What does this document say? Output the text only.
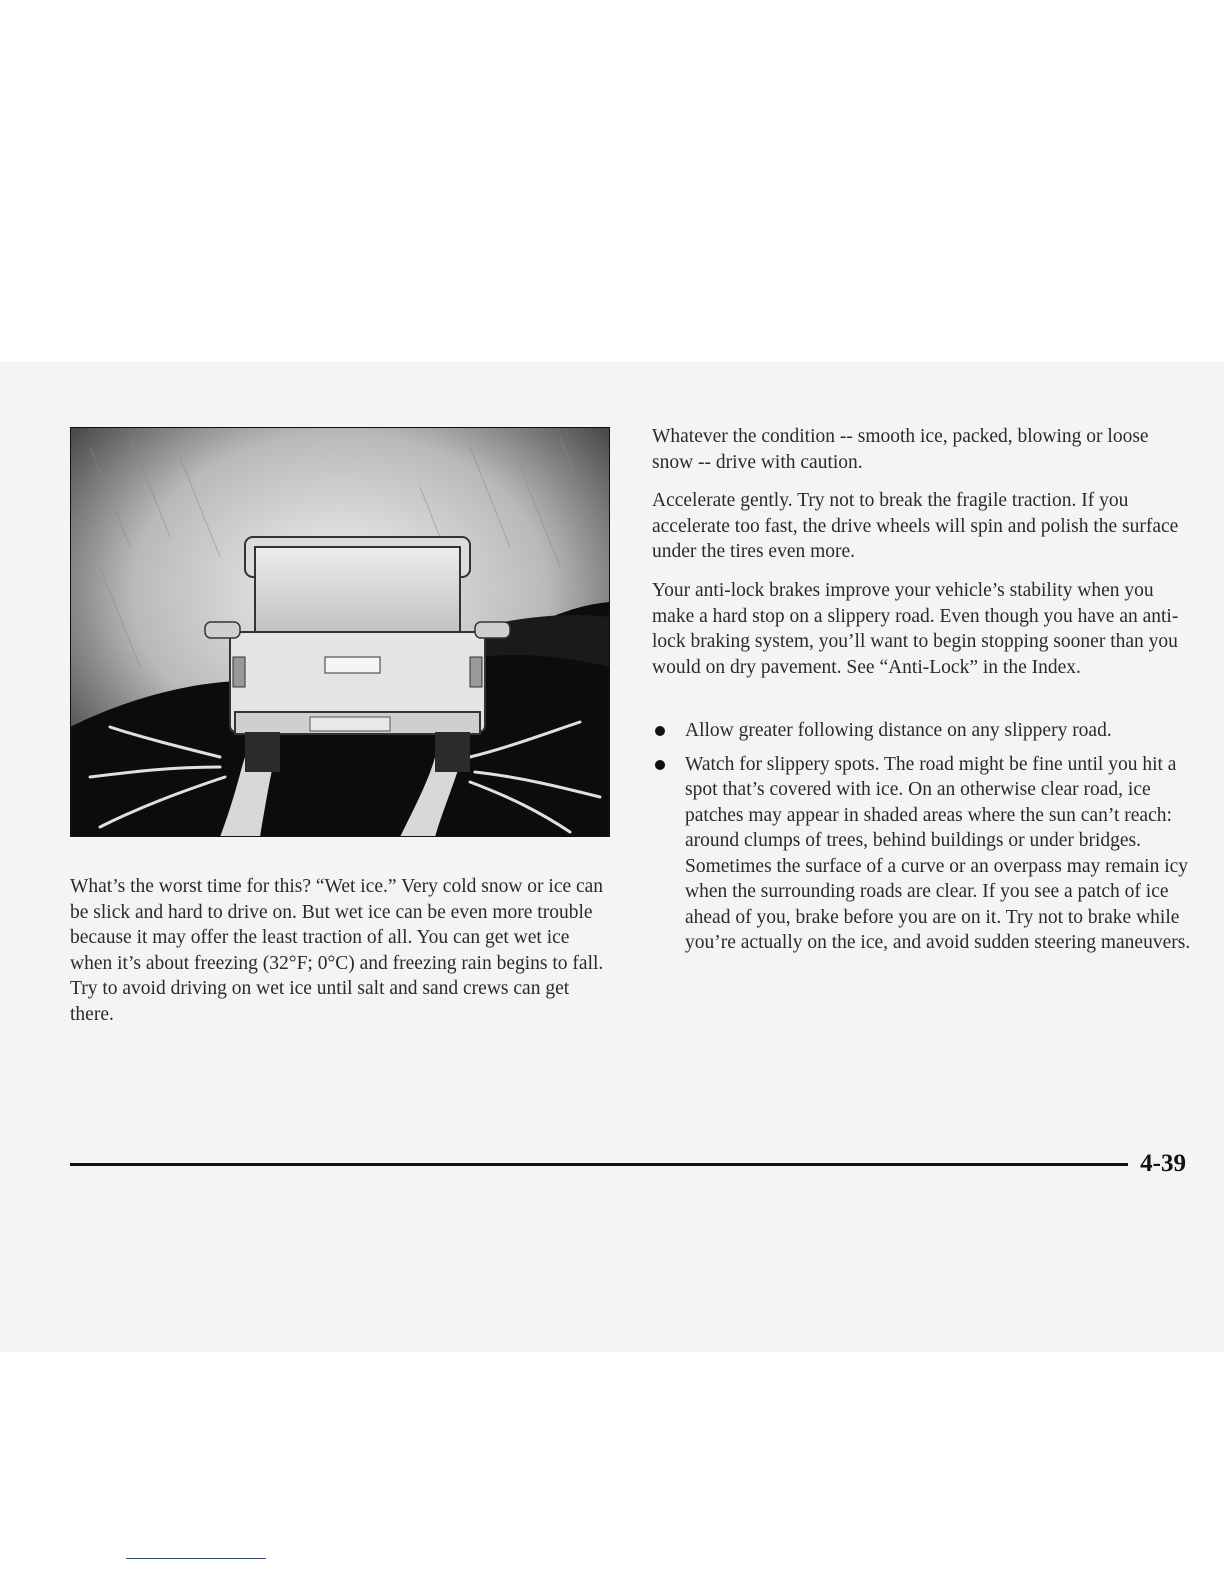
What’s the worst time for this? “Wet ice.” Very cold snow or ice can be slick and hard to drive on. But wet ice can be even more trouble because it may offer the least traction of all. You can get wet ice when it’s about freezing (32°F; 0°C) and freezing rain begins to fall. Try to avoid driving on wet ice until salt and sand crews can get there.

Whatever the condition -- smooth ice, packed, blowing or loose snow -- drive with caution.

Accelerate gently. Try not to break the fragile traction. If you accelerate too fast, the drive wheels will spin and polish the surface under the tires even more.

Your anti-lock brakes improve your vehicle’s stability when you make a hard stop on a slippery road. Even though you have an anti-lock braking system, you’ll want to begin stopping sooner than you would on dry pavement. See “Anti-Lock” in the Index.

Allow greater following distance on any slippery road.
Watch for slippery spots. The road might be fine until you hit a spot that’s covered with ice. On an otherwise clear road, ice patches may appear in shaded areas where the sun can’t reach: around clumps of trees, behind buildings or under bridges. Sometimes the surface of a curve or an overpass may remain icy when the surrounding roads are clear. If you see a patch of ice ahead of you, brake before you are on it. Try not to brake while you’re actually on the ice, and avoid sudden steering maneuvers.
4-39
